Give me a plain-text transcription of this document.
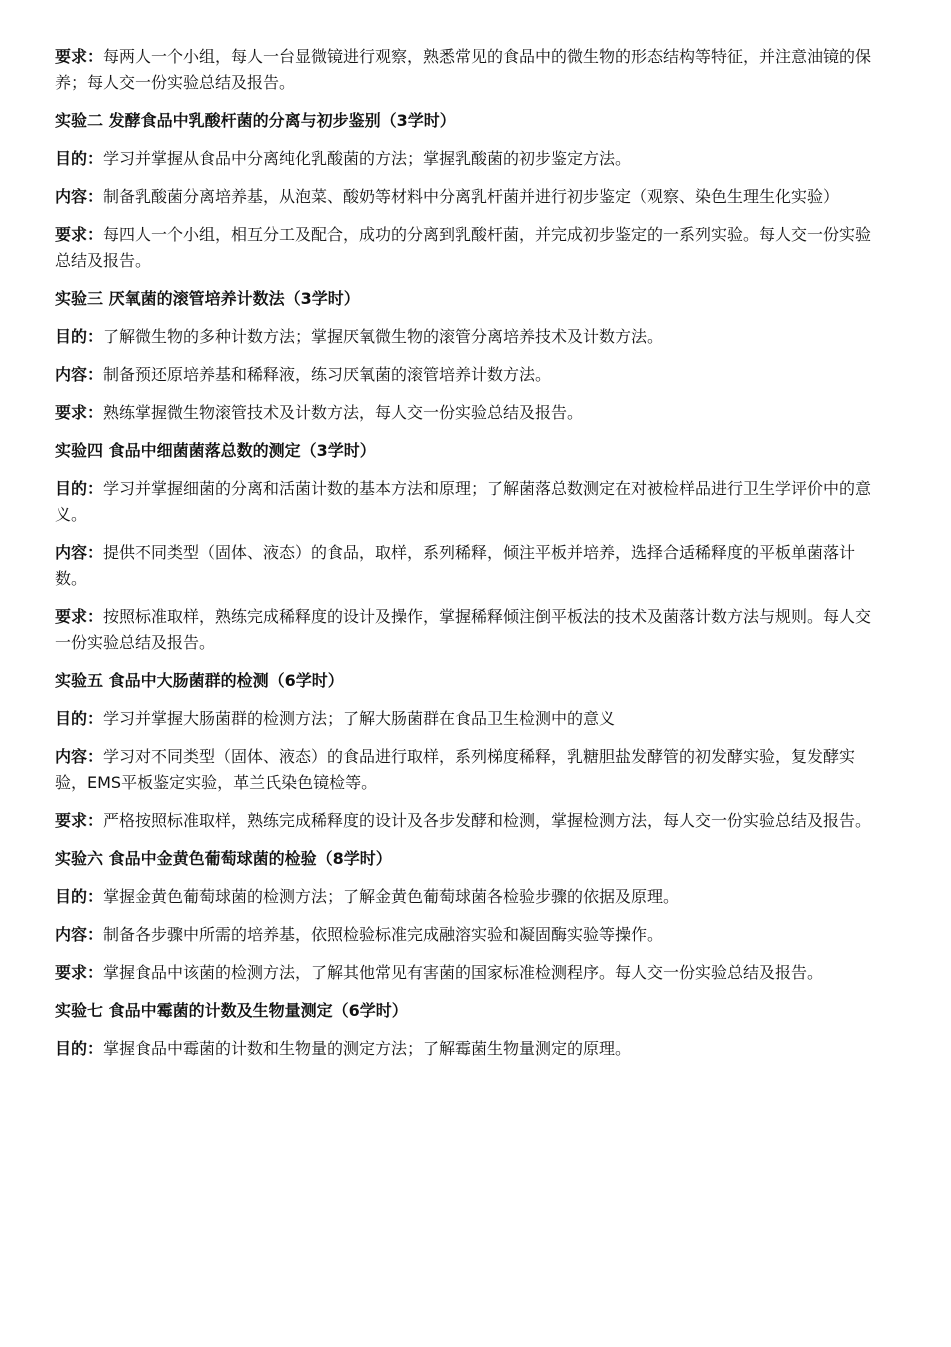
要求：每两人一个小组，每人一台显微镜进行观察，熟悉常见的食品中的微生物的形态结构等特征，并注意油镜的保养；每人交一份实验总结及报告。
实验二 发酵食品中乳酸杆菌的分离与初步鉴别（3学时）
目的：学习并掌握从食品中分离纯化乳酸菌的方法；掌握乳酸菌的初步鉴定方法。
内容：制备乳酸菌分离培养基，从泡菜、酸奶等材料中分离乳杆菌并进行初步鉴定（观察、染色生理生化实验）
要求：每四人一个小组，相互分工及配合，成功的分离到乳酸杆菌，并完成初步鉴定的一系列实验。每人交一份实验总结及报告。
实验三 厌氧菌的滚管培养计数法（3学时）
目的：了解微生物的多种计数方法；掌握厌氧微生物的滚管分离培养技术及计数方法。
内容：制备预还原培养基和稀释液，练习厌氧菌的滚管培养计数方法。
要求：熟练掌握微生物滚管技术及计数方法，每人交一份实验总结及报告。
实验四 食品中细菌菌落总数的测定（3学时）
目的：学习并掌握细菌的分离和活菌计数的基本方法和原理；了解菌落总数测定在对被检样品进行卫生学评价中的意义。
内容：提供不同类型（固体、液态）的食品，取样，系列稀释，倾注平板并培养，选择合适稀释度的平板单菌落计数。
要求：按照标准取样，熟练完成稀释度的设计及操作，掌握稀释倾注倒平板法的技术及菌落计数方法与规则。每人交一份实验总结及报告。
实验五 食品中大肠菌群的检测（6学时）
目的：学习并掌握大肠菌群的检测方法；了解大肠菌群在食品卫生检测中的意义
内容：学习对不同类型（固体、液态）的食品进行取样，系列梯度稀释，乳糖胆盐发酵管的初发酵实验，复发酵实验，EMS平板鉴定实验，革兰氏染色镜检等。
要求：严格按照标准取样，熟练完成稀释度的设计及各步发酵和检测，掌握检测方法，每人交一份实验总结及报告。
实验六 食品中金黄色葡萄球菌的检验（8学时）
目的：掌握金黄色葡萄球菌的检测方法；了解金黄色葡萄球菌各检验步骤的依据及原理。
内容：制备各步骤中所需的培养基，依照检验标准完成融溶实验和凝固酶实验等操作。
要求：掌握食品中该菌的检测方法，了解其他常见有害菌的国家标准检测程序。每人交一份实验总结及报告。
实验七 食品中霉菌的计数及生物量测定（6学时）
目的：掌握食品中霉菌的计数和生物量的测定方法；了解霉菌生物量测定的原理。
